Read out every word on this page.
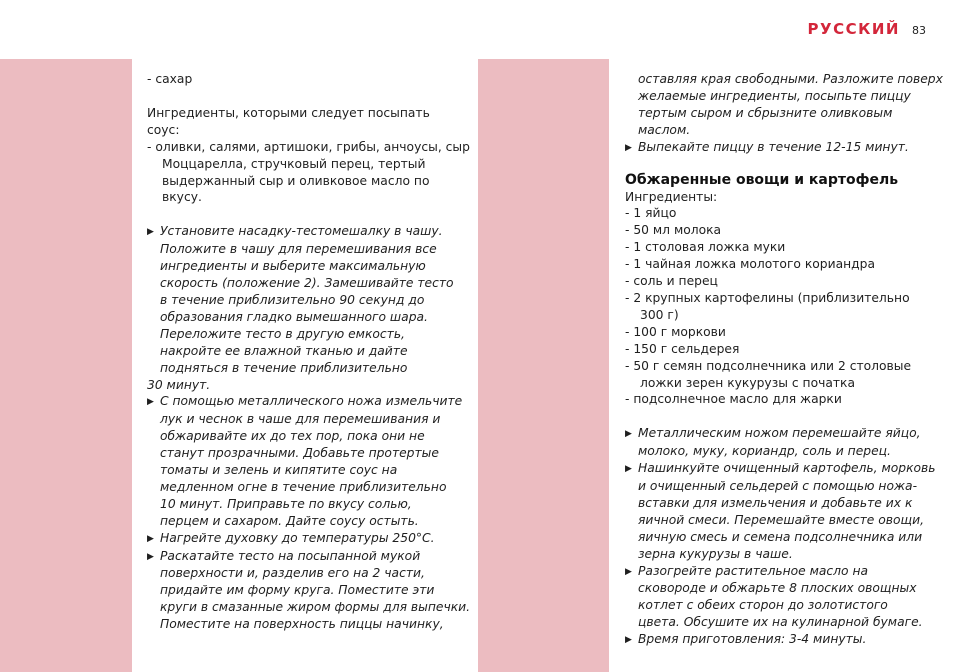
РУССКИЙ 83
- сахар
Ингредиенты, которыми следует посыпать
соус:
- оливки, салями, артишоки, грибы, анчоусы, сыр
Моццарелла, стручковый перец, тертый
выдержанный сыр и оливковое масло по
вкусу.
▶ Установите насадку-тестомешалку в чашу.
Положите в чашу для перемешивания все
ингредиенты и выберите максимальную
скорость (положение 2). Замешивайте тесто
в течение приблизительно 90 секунд до
образования гладко вымешанного шара.
Переложите тесто в другую емкость,
накройте ее влажной тканью и дайте
подняться в течение приблизительно
30 минут.
▶ С помощью металлического ножа измельчите
лук и чеснок в чаше для перемешивания и
обжаривайте их до тех пор, пока они не
станут прозрачными. Добавьте протертые
томаты и зелень и кипятите соус на
медленном огне в течение приблизительно
10 минут. Приправьте по вкусу солью,
перцем и сахаром. Дайте соусу остыть.
▶ Нагрейте духовку до температуры 250°C.
▶ Раскатайте тесто на посыпанной мукой
поверхности и, разделив его на 2 части,
придайте им форму круга. Поместите эти
круги в смазанные жиром формы для выпечки.
Поместите на поверхность пиццы начинку,
оставляя края свободными. Разложите поверх
желаемые ингредиенты, посыпьте пиццу
тертым сыром и сбрызните оливковым
маслом.
▶ Выпекайте пиццу в течение 12-15 минут.
Обжаренные овощи и картофель
Ингредиенты:
- 1 яйцо
- 50 мл молока
- 1 столовая ложка муки
- 1 чайная ложка молотого кориандра
- соль и перец
- 2 крупных картофелины (приблизительно
300 г)
- 100 г моркови
- 150 г сельдерея
- 50 г семян подсолнечника или 2 столовые
ложки зерен кукурузы с початка
- подсолнечное масло для жарки
▶ Металлическим ножом перемешайте яйцо,
молоко, муку, кориандр, соль и перец.
▶ Нашинкуйте очищенный картофель, морковь
и очищенный сельдерей с помощью ножа-
вставки для измельчения и добавьте их к
яичной смеси. Перемешайте вместе овощи,
яичную смесь и семена подсолнечника или
зерна кукурузы в чаше.
▶ Разогрейте растительное масло на
сковороде и обжарьте 8 плоских овощных
котлет с обеих сторон до золотистого
цвета. Обсушите их на кулинарной бумаге.
▶ Время приготовления: 3-4 минуты.
